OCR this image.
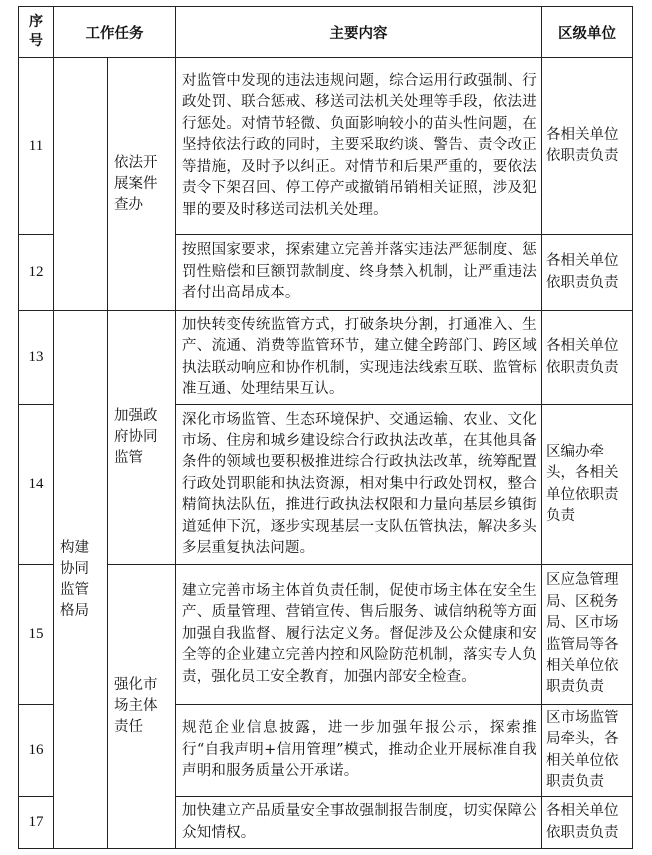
序号	工作任务		主要内容	区级单位
11		依法开展案件查办	对监管中发现的违法违规问题，综合运用行政强制、行政处罚、联合惩戒、移送司法机关处理等手段，依法进行惩处。对情节轻微、负面影响较小的苗头性问题，在坚持依法行政的同时，主要采取约谈、警告、责令改正等措施，及时予以纠正。对情节和后果严重的，要依法责令下架召回、停工停产或撤销吊销相关证照，涉及犯罪的要及时移送司法机关处理。	各相关单位依职责负责
12			按照国家要求，探索建立完善并落实违法严惩制度、惩罚性赔偿和巨额罚款制度、终身禁入机制，让严重违法者付出高昂成本。	各相关单位依职责负责
13	构建协同监管格局	加强政府协同监管	加快转变传统监管方式，打破条块分割，打通准入、生产、流通、消费等监管环节，建立健全跨部门、跨区域执法联动响应和协作机制，实现违法线索互联、监管标准互通、处理结果互认。	各相关单位依职责负责
14			深化市场监管、生态环境保护、交通运输、农业、文化市场、住房和城乡建设综合行政执法改革，在其他具备条件的领域也要积极推进综合行政执法改革，统筹配置行政处罚职能和执法资源，相对集中行政处罚权，整合精简执法队伍，推进行政执法权限和力量向基层乡镇街道延伸下沉，逐步实现基层一支队伍管执法，解决多头多层重复执法问题。	区编办牵头，各相关单位依职责负责
15		强化市场主体责任	建立完善市场主体首负责任制，促使市场主体在安全生产、质量管理、营销宣传、售后服务、诚信纳税等方面加强自我监督、履行法定义务。督促涉及公众健康和安全等的企业建立完善内控和风险防范机制，落实专人负责，强化员工安全教育，加强内部安全检查。	区应急管理局、区税务局、区市场监管局等各相关单位依职责负责
16			规范企业信息披露，进一步加强年报公示，探索推行“自我声明+信用管理”模式，推动企业开展标准自我声明和服务质量公开承诺。	区市场监管局牵头，各相关单位依职责负责
17			加快建立产品质量安全事故强制报告制度，切实保障公众知情权。	各相关单位依职责负责
